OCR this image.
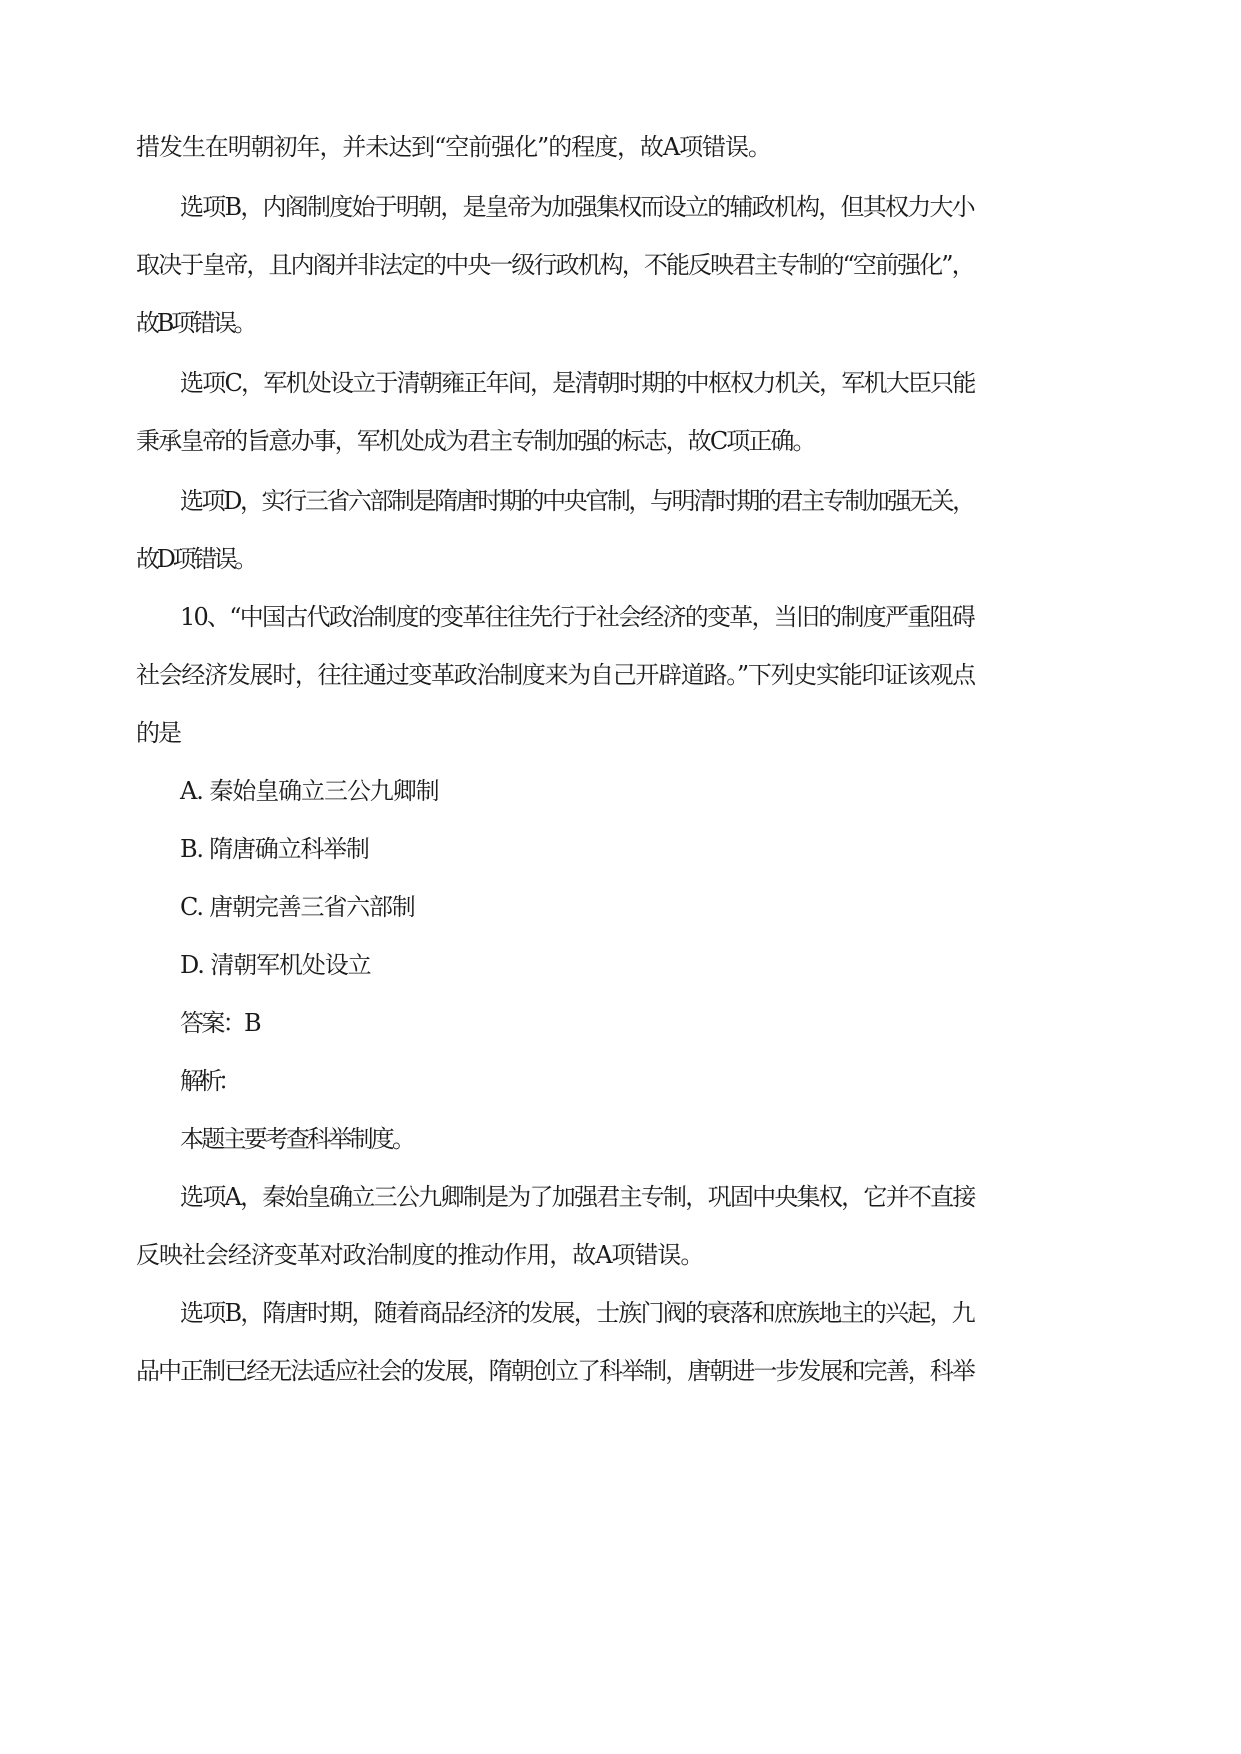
措发生在明朝初年，并未达到“空前强化”的程度，故A项错误。
选项B，内阁制度始于明朝，是皇帝为加强集权而设立的辅政机构，但其权力大小
取决于皇帝，且内阁并非法定的中央一级行政机构，不能反映君主专制的“空前强化”，
故B项错误。
选项C，军机处设立于清朝雍正年间，是清朝时期的中枢权力机关，军机大臣只能
秉承皇帝的旨意办事，军机处成为君主专制加强的标志，故C项正确。
选项D，实行三省六部制是隋唐时期的中央官制，与明清时期的君主专制加强无关，
故D项错误。
10、“中国古代政治制度的变革往往先行于社会经济的变革，当旧的制度严重阻碍
社会经济发展时，往往通过变革政治制度来为自己开辟道路。”下列史实能印证该观点
的是
A. 秦始皇确立三公九卿制
B. 隋唐确立科举制
C. 唐朝完善三省六部制
D. 清朝军机处设立
答案：B
解析：
本题主要考查科举制度。
选项A，秦始皇确立三公九卿制是为了加强君主专制，巩固中央集权，它并不直接
反映社会经济变革对政治制度的推动作用，故A项错误。
选项B，隋唐时期，随着商品经济的发展，士族门阀的衰落和庶族地主的兴起，九
品中正制已经无法适应社会的发展，隋朝创立了科举制，唐朝进一步发展和完善，科举
